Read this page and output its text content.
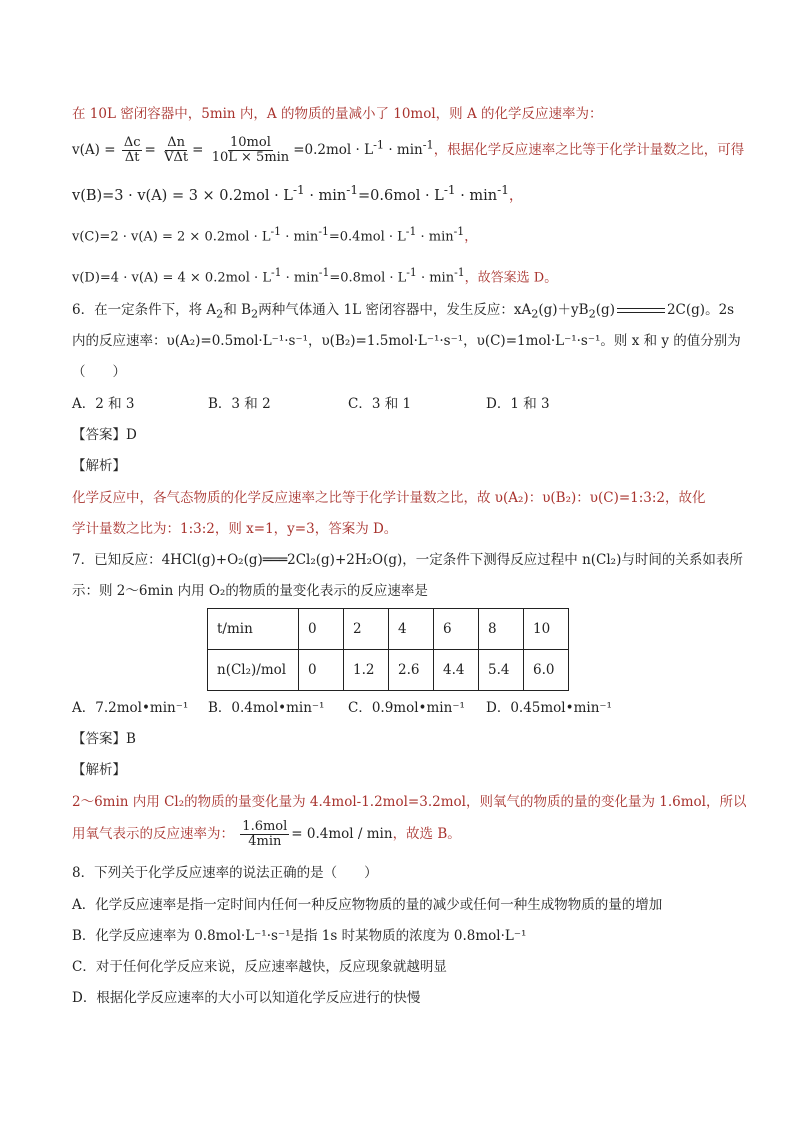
在 10L 密闭容器中，5min 内，A 的物质的量减小了 10mol，则 A 的化学反应速率为：
$v(A) = \frac{\Delta c}{\Delta t} = \frac{\Delta n}{\text{VΔt}} = \frac{\text{10mol}}{10L \times 5\min} =0.2mol \cdot L^{-1} \cdot \min^{-1}$，根据化学反应速率之比等于化学计量数之比，可得
$v(B)=3 \cdot v(A) = 3 \times 0.2mol \cdot L^{-1} \cdot \min^{-1}=0.6mol \cdot L^{-1} \cdot \min^{-1}$，
$v(C)=2 \cdot v(A) = 2 \times 0.2mol \cdot L^{-1} \cdot \min^{-1}=0.4mol \cdot L^{-1} \cdot \min^{-1}$，
$v(D)=4 \cdot v(A) = 4 \times 0.2mol \cdot L^{-1} \cdot \min^{-1}=0.8mol \cdot L^{-1} \cdot \min^{-1}$，故答案选 D。
6．在一定条件下，将 $A_2$和 $B_2$两种气体通入 1L 密闭容器中，发生反应：$xA_2(g)+yB_2(g)$	2C(g)。2s
内的反应速率：υ(A₂)=0.5mol·L⁻¹·s⁻¹，υ(B₂)=1.5mol·L⁻¹·s⁻¹，υ(C)=1mol·L⁻¹·s⁻¹。则 x 和 y 的值分别为
（　　）
A．2 和 3	B．3 和 2	C．3 和 1	D．1 和 3
【答案】D
【解析】
化学反应中，各气态物质的化学反应速率之比等于化学计量数之比，故 υ(A₂)：υ(B₂)：υ(C)=1:3:2，故化
学计量数之比为：1:3:2，则 x=1，y=3，答案为 D。
7．已知反应：4HCl(g)+O₂(g)═══2Cl₂(g)+2H₂O(g)，一定条件下测得反应过程中 n(Cl₂)与时间的关系如表所
示：则 2～6min 内用 O₂的物质的量变化表示的反应速率是
t/min	0	2	4	6	8	10
n(Cl₂)/mol	0	1.2	2.6	4.4	5.4	6.0
A．7.2mol•min⁻¹ B．0.4mol•min⁻¹ C．0.9mol•min⁻¹ D．0.45mol•min⁻¹
【答案】B
【解析】
2～6min 内用 Cl₂的物质的量变化量为 4.4mol-1.2mol=3.2mol，则氧气的物质的量的变化量为 1.6mol，所以
用氧气表示的反应速率为： $\frac{\text{1.6mol}}{4\min} = 0.4mol / \min$，故选 B。
8．下列关于化学反应速率的说法正确的是（　　）
A．化学反应速率是指一定时间内任何一种反应物物质的量的减少或任何一种生成物物质的量的增加
B．化学反应速率为 0.8mol·L⁻¹·s⁻¹是指 1s 时某物质的浓度为 0.8mol·L⁻¹
C．对于任何化学反应来说，反应速率越快，反应现象就越明显
D．根据化学反应速率的大小可以知道化学反应进行的快慢
